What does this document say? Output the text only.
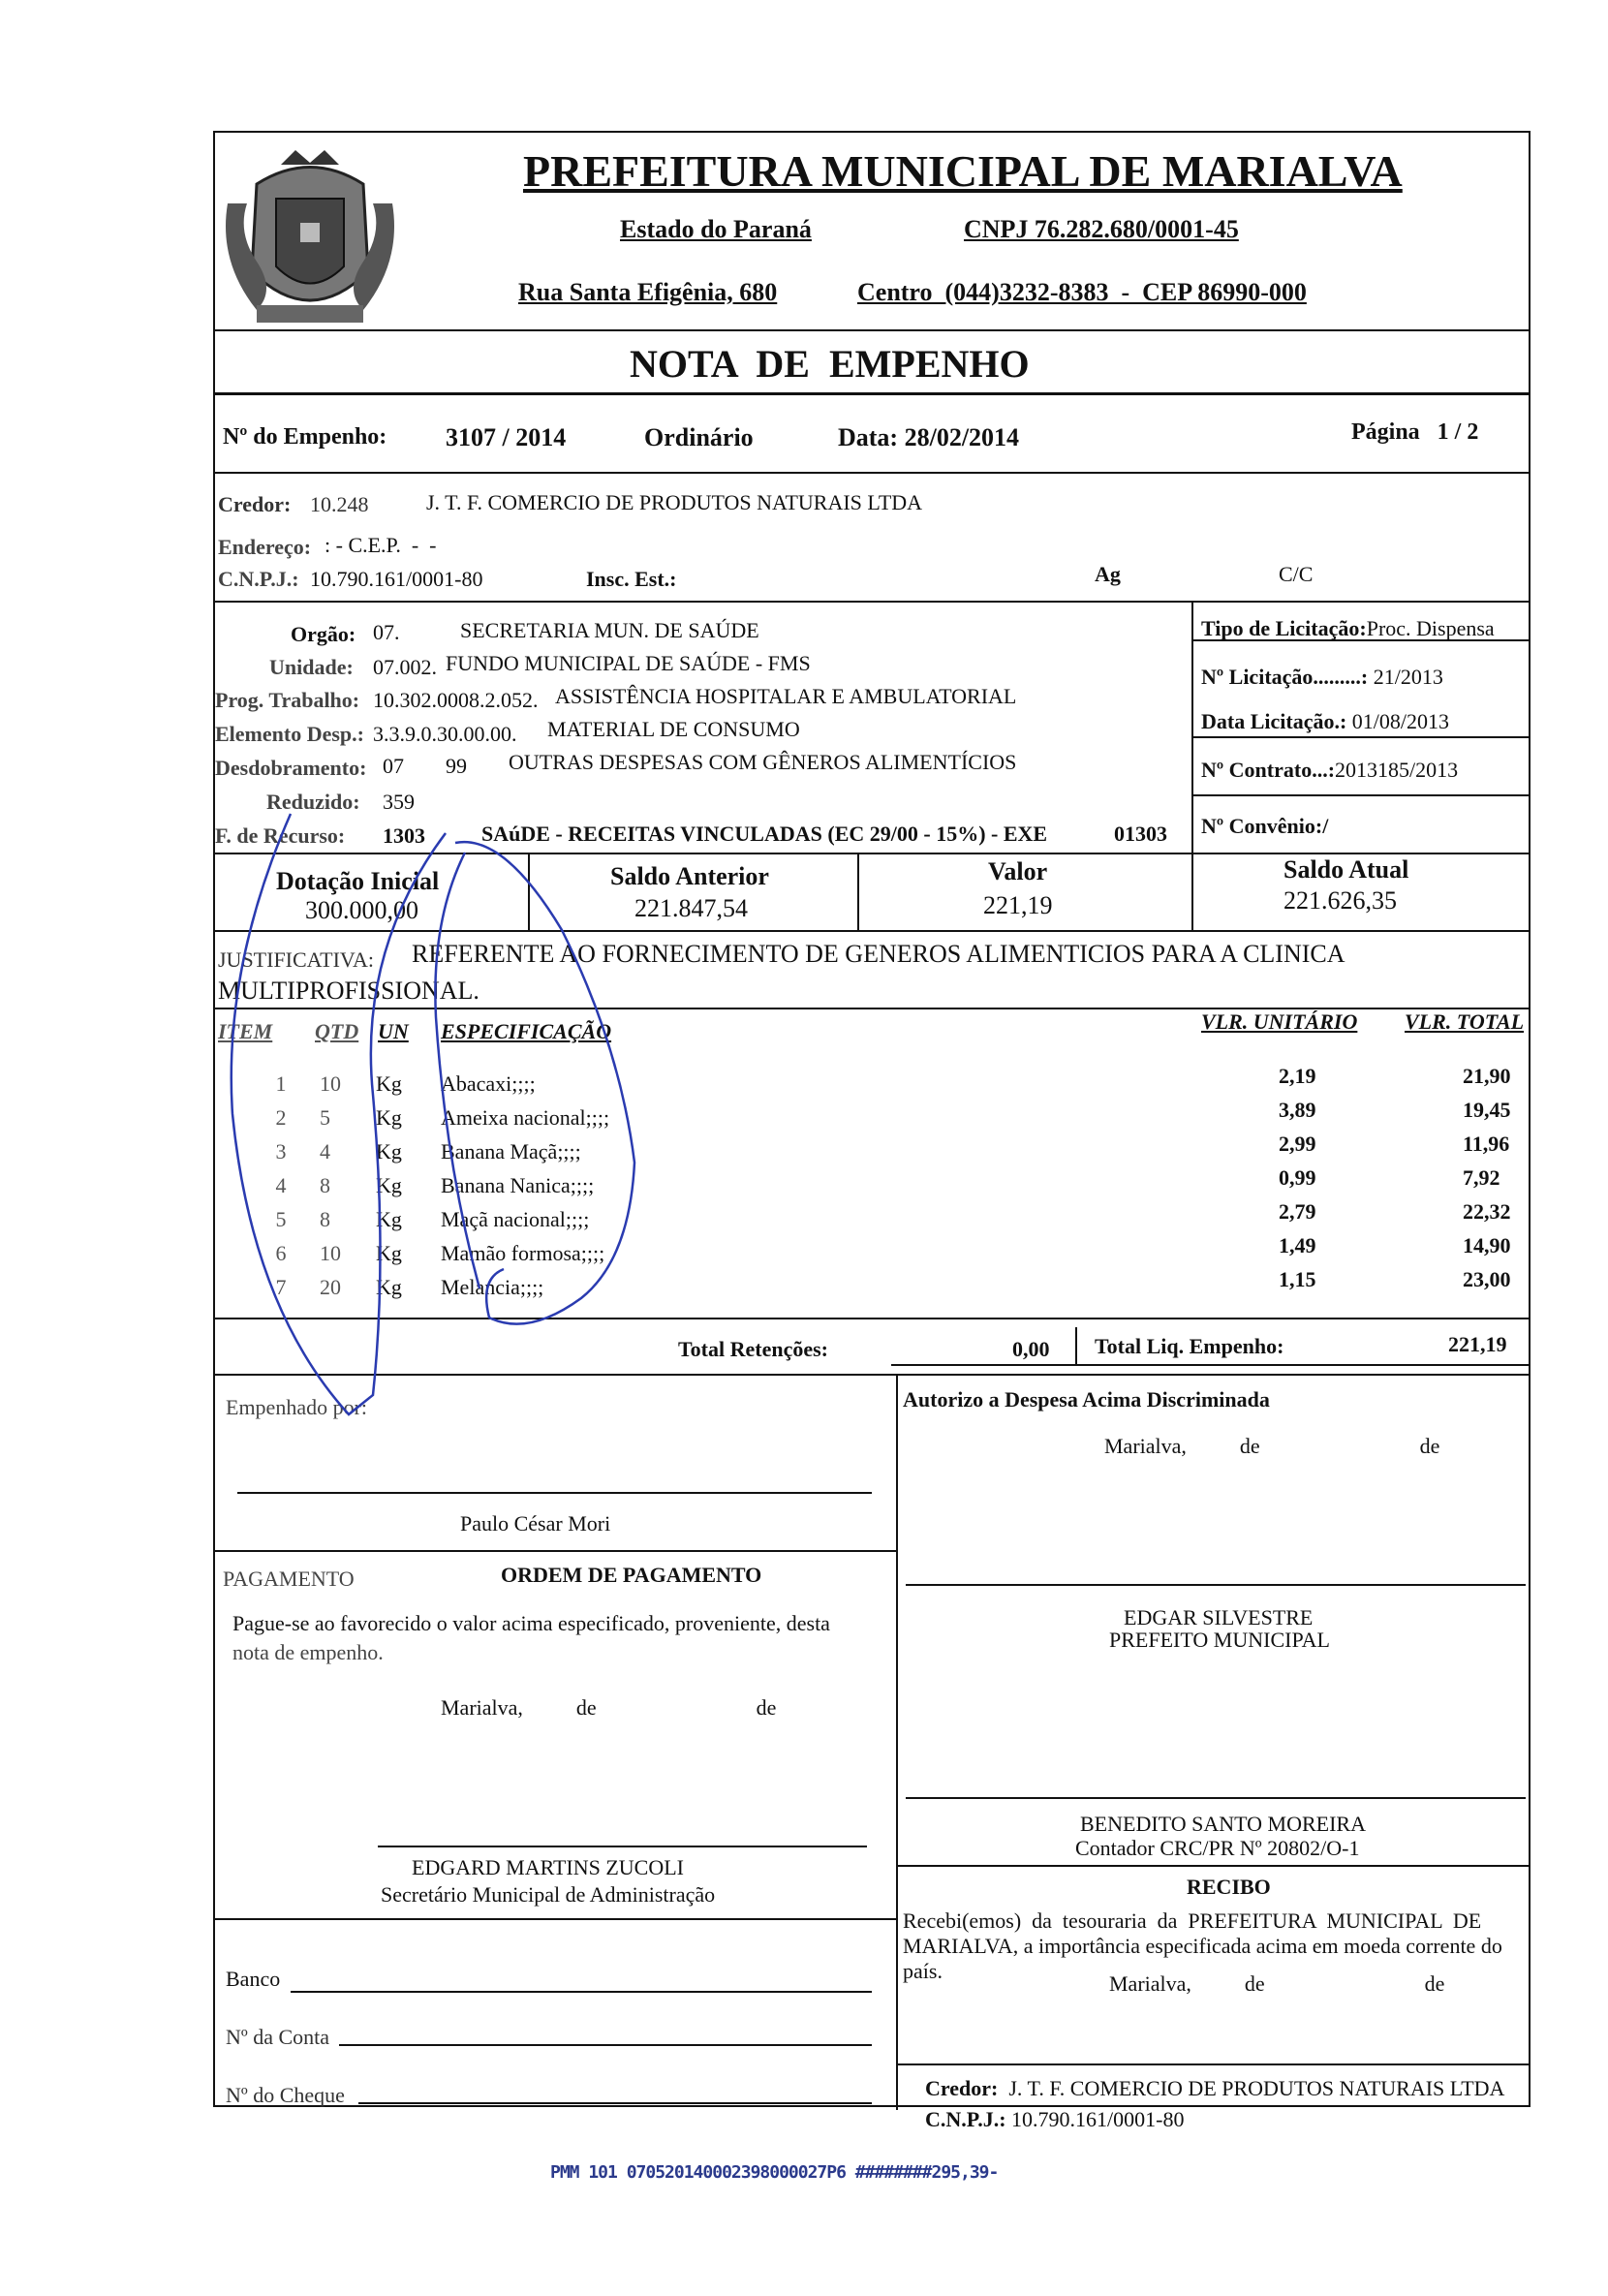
PREFEITURA MUNICIPAL DE MARIALVA
Estado do Paraná	CNPJ 76.282.680/0001-45
Rua Santa Efigênia, 680	Centro  (044)3232-8383  -  CEP 86990-000
NOTA  DE  EMPENHO
Nº do Empenho: 3107 / 2014	Ordinário	Data: 28/02/2014	Página   1 / 2
Credor: 10.248	J. T. F. COMERCIO DE PRODUTOS NATURAIS LTDA
Endereço: : - C.E.P.  -  -
C.N.P.J.: 10.790.161/0001-80	Insc. Est.:	Ag	C/C
Orgão: 07.	SECRETARIA MUN. DE SAÚDE
Unidade: 07.002. FUNDO MUNICIPAL DE SAÚDE - FMS
Prog. Trabalho: 10.302.0008.2.052. ASSISTÊNCIA HOSPITALAR E AMBULATORIAL
Elemento Desp.: 3.3.9.0.30.00.00. MATERIAL DE CONSUMO
Desdobramento: 07 99 OUTRAS DESPESAS COM GÊNEROS ALIMENTÍCIOS
Reduzido: 359
F. de Recurso: 1303	SAúDE - RECEITAS VINCULADAS (EC 29/00 - 15%) - EXE	01303
Tipo de Licitação:Proc. Dispensa
Nº Licitação.........: 21/2013
Data Licitação.: 01/08/2013
Nº Contrato...:2013185/2013
Nº Convênio:/
Dotação Inicial
300.000,00
Saldo Anterior
221.847,54
Valor
221,19
Saldo Atual
221.626,35
JUSTIFICATIVA: REFERENTE AO FORNECIMENTO DE GENEROS ALIMENTICIOS PARA A CLINICA
MULTIPROFISSIONAL.
ITEM QTD UN ESPECIFICAÇÃO	VLR. UNITÁRIO VLR. TOTAL
1 10 Kg Abacaxi;;;;	2,19	21,90
2 5 Kg Ameixa nacional;;;;	3,89	19,45
3 4 Kg Banana Maçã;;;;	2,99	11,96
4 8 Kg Banana Nanica;;;;	0,99	7,92
5 8 Kg Maçã nacional;;;;	2,79	22,32
6 10 Kg Mamão formosa;;;;	1,49	14,90
7 20 Kg Melancia;;;;	1,15	23,00
Total Retenções:	0,00 Total Liq. Empenho:	221,19
Empenhado por:
Paulo César Mori
PAGAMENTO	ORDEM DE PAGAMENTO
Pague-se ao favorecido o valor acima especificado, proveniente, desta
nota de empenho.
Marialva,          de                              de
EDGARD MARTINS ZUCOLI
Secretário Municipal de Administração
Banco
Nº da Conta
Nº do Cheque
Autorizo a Despesa Acima Discriminada
Marialva,          de                              de
EDGAR SILVESTRE
PREFEITO MUNICIPAL
BENEDITO SANTO MOREIRA
Contador CRC/PR Nº 20802/O-1
RECIBO
Recebi(emos)  da  tesouraria  da  PREFEITURA  MUNICIPAL  DE
MARIALVA, a importância especificada acima em moeda corrente do
país.
Marialva,          de                              de
Credor: J. T. F. COMERCIO DE PRODUTOS NATURAIS LTDA
C.N.P.J.: 10.790.161/0001-80
PMM 101 070520140002398000027P6 ########295,39-
